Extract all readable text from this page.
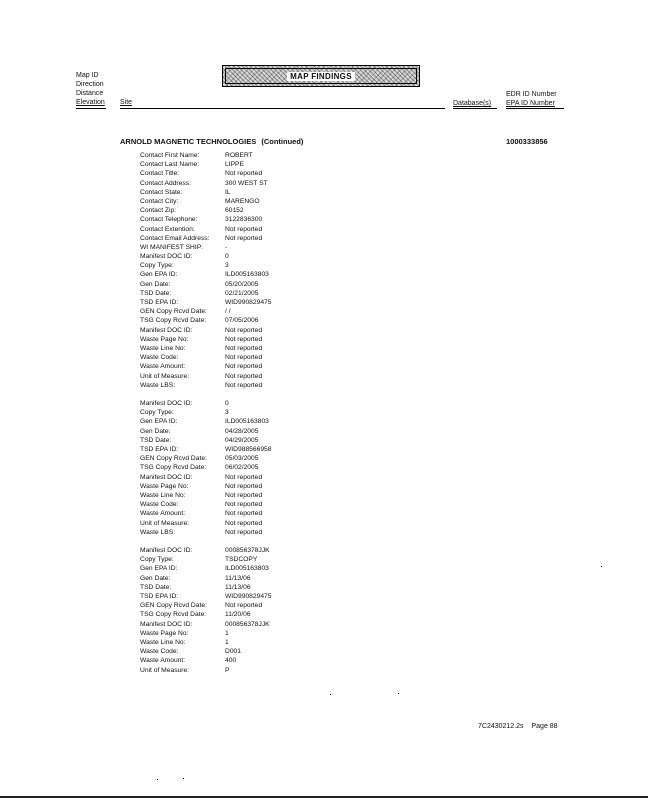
Map ID
Direction
Distance
Elevation Site
MAP FINDINGS
Database(s)
EDR ID Number
EPA ID Number
ARNOLD MAGNETIC TECHNOLOGIES (Continued)	1000333856
Contact First Name:	ROBERT
Contact Last Name:	LIPPE
Contact Title:	Not reported
Contact Address:	300 WEST ST
Contact State:	IL
Contact City:	MARENGO
Contact Zip:	60152
Contact Telephone:	3122836300
Contact Extention:	Not reported
Contact Email Address:	Not reported
WI MANIFEST SHIP:	-
Manifest DOC ID:	0
Copy Type:	3
Gen EPA ID:	ILD005163803
Gen Date:	05/20/2005
TSD Date:	02/21/2005
TSD EPA ID:	WID990829475
GEN Copy Rcvd Date:	/ /
TSG Copy Rcvd Date:	07/05/2006
Manifest DOC ID:	Not reported
Waste Page No:	Not reported
Waste Line No:	Not reported
Waste Code:	Not reported
Waste Amount:	Not reported
Unit of Measure:	Not reported
Waste LBS:	Not reported
Manifest DOC ID:	0
Copy Type:	3
Gen EPA ID:	ILD005163803
Gen Date:	04/28/2005
TSD Date:	04/29/2005
TSD EPA ID:	WID988566958
GEN Copy Rcvd Date:	05/03/2005
TSG Copy Rcvd Date:	06/02/2005
Manifest DOC ID:	Not reported
Waste Page No:	Not reported
Waste Line No:	Not reported
Waste Code:	Not reported
Waste Amount:	Not reported
Unit of Measure:	Not reported
Waste LBS:	Not reported
Manifest DOC ID:	000856378JJK
Copy Type:	TSDCOPY
Gen EPA ID:	ILD005163803
Gen Date:	11/13/06
TSD Date:	11/13/06
TSD EPA ID:	WID990829475
GEN Copy Rcvd Date:	Not reported
TSG Copy Rcvd Date:	11/20/06
Manifest DOC ID:	000856378JJK
Waste Page No:	1
Waste Line No:	1
Waste Code:	D001
Waste Amount:	400
Unit of Measure:	P
7C2430212.2s Page 88
